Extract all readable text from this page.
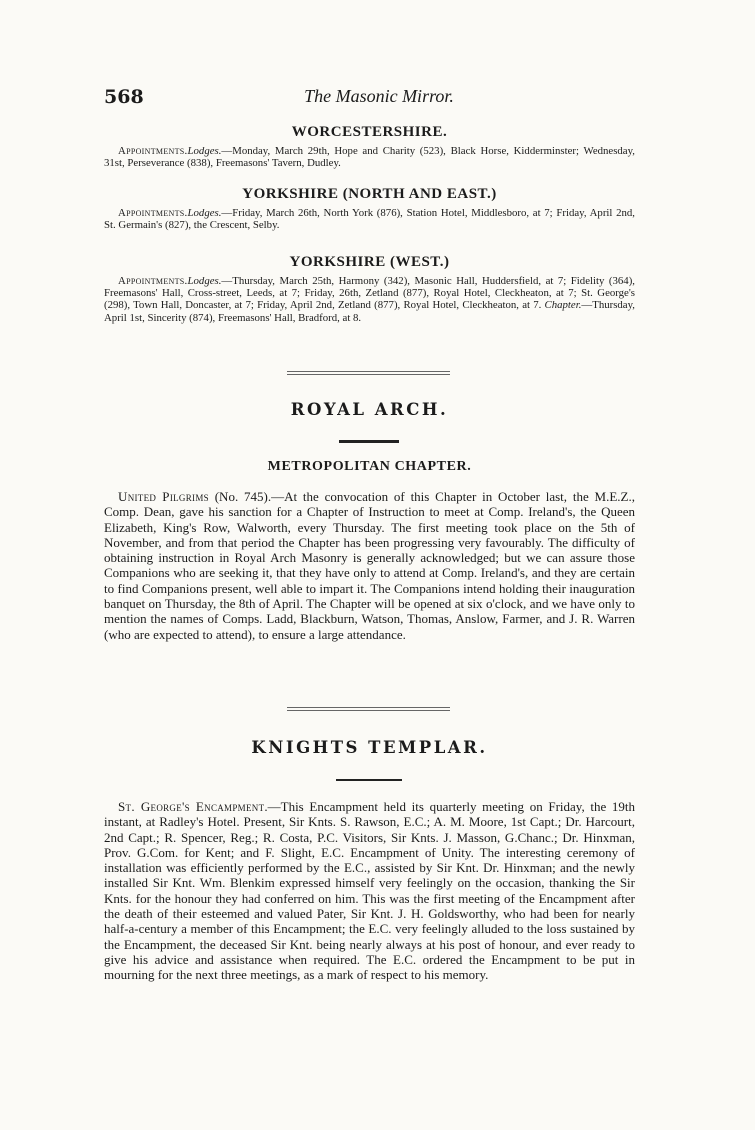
568	The Masonic Mirror.
WORCESTERSHIRE.

Appointments.Lodges.—Monday, March 29th, Hope and Charity (523), Black Horse, Kidderminster; Wednesday, 31st, Perseverance (838), Freemasons' Tavern, Dudley.

YORKSHIRE (NORTH AND EAST.)

Appointments.Lodges.—Friday, March 26th, North York (876), Station Hotel, Middlesboro, at 7; Friday, April 2nd, St. Germain's (827), the Crescent, Selby.

YORKSHIRE (WEST.)

Appointments.Lodges.—Thursday, March 25th, Harmony (342), Masonic Hall, Huddersfield, at 7; Fidelity (364), Freemasons' Hall, Cross-street, Leeds, at 7; Friday, 26th, Zetland (877), Royal Hotel, Cleckheaton, at 7; St. George's (298), Town Hall, Doncaster, at 7; Friday, April 2nd, Zetland (877), Royal Hotel, Cleckheaton, at 7. Chapter.—Thursday, April 1st, Sincerity (874), Freemasons' Hall, Bradford, at 8.

ROYAL ARCH.
METROPOLITAN CHAPTER.

United Pilgrims (No. 745).—At the convocation of this Chapter in October last, the M.E.Z., Comp. Dean, gave his sanction for a Chapter of Instruction to meet at Comp. Ireland's, the Queen Elizabeth, King's Row, Walworth, every Thursday. The first meeting took place on the 5th of November, and from that period the Chapter has been progressing very favourably. The difficulty of obtaining instruction in Royal Arch Masonry is generally acknowledged; but we can assure those Companions who are seeking it, that they have only to attend at Comp. Ireland's, and they are certain to find Companions present, well able to impart it. The Companions intend holding their inauguration banquet on Thursday, the 8th of April. The Chapter will be opened at six o'clock, and we have only to mention the names of Comps. Ladd, Blackburn, Watson, Thomas, Anslow, Farmer, and J. R. Warren (who are expected to attend), to ensure a large attendance.

KNIGHTS TEMPLAR.

St. George's Encampment.—This Encampment held its quarterly meeting on Friday, the 19th instant, at Radley's Hotel. Present, Sir Knts. S. Rawson, E.C.; A. M. Moore, 1st Capt.; Dr. Harcourt, 2nd Capt.; R. Spencer, Reg.; R. Costa, P.C. Visitors, Sir Knts. J. Masson, G.Chanc.; Dr. Hinxman, Prov. G.Com. for Kent; and F. Slight, E.C. Encampment of Unity. The interesting ceremony of installation was efficiently performed by the E.C., assisted by Sir Knt. Dr. Hinxman; and the newly installed Sir Knt. Wm. Blenkim expressed himself very feelingly on the occasion, thanking the Sir Knts. for the honour they had conferred on him. This was the first meeting of the Encampment after the death of their esteemed and valued Pater, Sir Knt. J. H. Goldsworthy, who had been for nearly half-a-century a member of this Encampment; the E.C. very feelingly alluded to the loss sustained by the Encampment, the deceased Sir Knt. being nearly always at his post of honour, and ever ready to give his advice and assistance when required. The E.C. ordered the Encampment to be put in mourning for the next three meetings, as a mark of respect to his memory.
